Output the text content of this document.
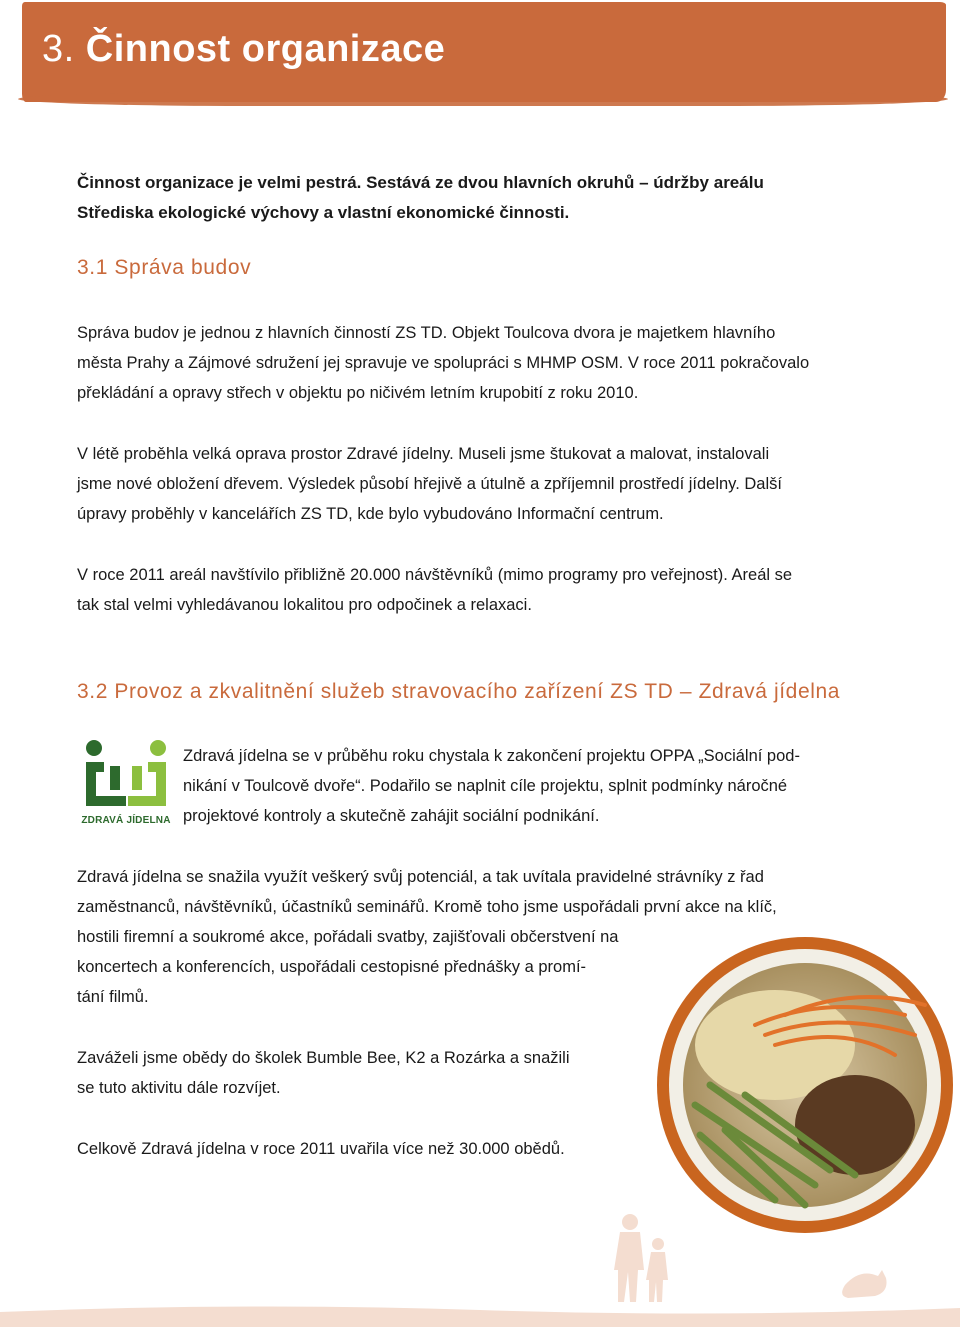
3. Činnost organizace

Činnost organizace je velmi pestrá. Sestává ze dvou hlavních okruhů – údržby areálu
Střediska ekologické výchovy a vlastní ekonomické činnosti.

3.1 Správa budov

Správa budov je jednou z hlavních činností ZS TD. Objekt Toulcova dvora je majetkem hlavního
města Prahy a Zájmové sdružení jej spravuje ve spolupráci s MHMP OSM. V roce 2011 pokračovalo
překládání a opravy střech v objektu po ničivém letním krupobití z roku 2010.

V létě proběhla velká oprava prostor Zdravé jídelny. Museli jsme štukovat a malovat, instalovali
jsme nové obložení dřevem. Výsledek působí hřejivě a útulně a zpříjemnil prostředí jídelny. Další
úpravy proběhly v kancelářích ZS TD, kde bylo vybudováno Informační centrum.

V roce 2011 areál navštívilo přibližně 20.000 návštěvníků (mimo programy pro veřejnost). Areál se
tak stal velmi vyhledávanou lokalitou pro odpočinek a relaxaci.

3.2 Provoz a zkvalitnění služeb stravovacího zařízení ZS TD – Zdravá jídelna
ZDRAVÁ JÍDELNA

Zdravá jídelna se v průběhu roku chystala k zakončení projektu OPPA „Sociální pod-
nikání v Toulcově dvoře“. Podařilo se naplnit cíle projektu, splnit podmínky náročné
projektové kontroly a skutečně zahájit sociální podnikání.

Zdravá jídelna se snažila využít veškerý svůj potenciál, a tak uvítala pravidelné strávníky z řad
zaměstnanců, návštěvníků, účastníků seminářů. Kromě toho jsme uspořádali první akce na klíč,
hostili firemní a soukromé akce, pořádali svatby, zajišťovali občerstvení na
koncertech a konferencích, uspořádali cestopisné přednášky a promí-
tání filmů.

Zaváželi jsme obědy do školek Bumble Bee, K2 a Rozárka a snažili
se tuto aktivitu dále rozvíjet.

Celkově Zdravá jídelna v roce 2011 uvařila více než 30.000 obědů.
